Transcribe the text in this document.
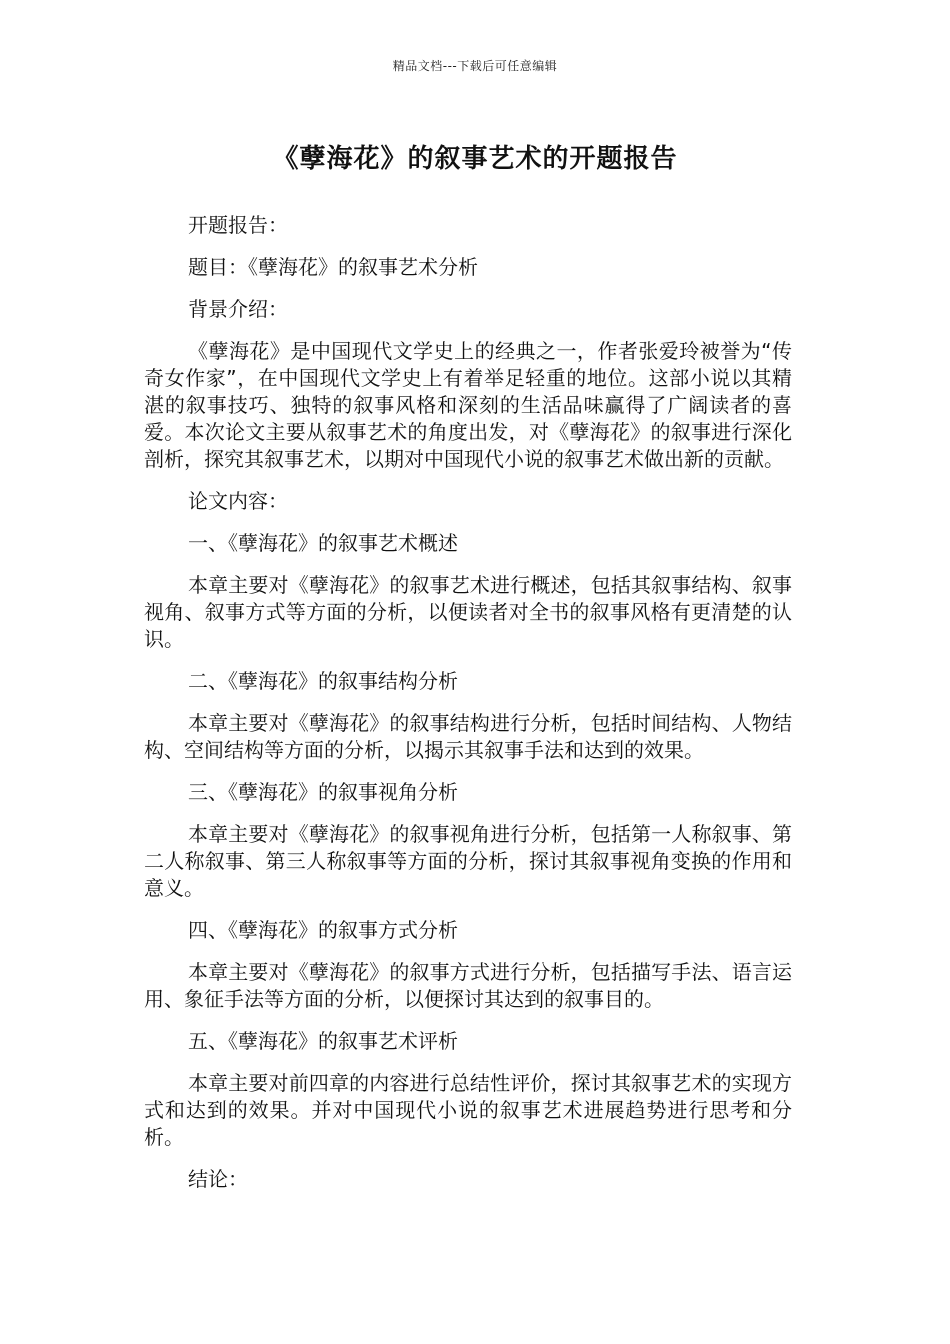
精品文档---下载后可任意编辑
《孽海花》的叙事艺术的开题报告

开题报告：

题目：《孽海花》的叙事艺术分析

背景介绍：

《孽海花》是中国现代文学史上的经典之一，作者张爱玲被誉为“传奇女作家”，在中国现代文学史上有着举足轻重的地位。这部小说以其精湛的叙事技巧、独特的叙事风格和深刻的生活品味赢得了广阔读者的喜爱。本次论文主要从叙事艺术的角度出发，对《孽海花》的叙事进行深化剖析，探究其叙事艺术，以期对中国现代小说的叙事艺术做出新的贡献。

论文内容：

一、《孽海花》的叙事艺术概述

本章主要对《孽海花》的叙事艺术进行概述，包括其叙事结构、叙事视角、叙事方式等方面的分析，以便读者对全书的叙事风格有更清楚的认识。

二、《孽海花》的叙事结构分析

本章主要对《孽海花》的叙事结构进行分析，包括时间结构、人物结构、空间结构等方面的分析，以揭示其叙事手法和达到的效果。

三、《孽海花》的叙事视角分析

本章主要对《孽海花》的叙事视角进行分析，包括第一人称叙事、第二人称叙事、第三人称叙事等方面的分析，探讨其叙事视角变换的作用和意义。

四、《孽海花》的叙事方式分析

本章主要对《孽海花》的叙事方式进行分析，包括描写手法、语言运用、象征手法等方面的分析，以便探讨其达到的叙事目的。

五、《孽海花》的叙事艺术评析

本章主要对前四章的内容进行总结性评价，探讨其叙事艺术的实现方式和达到的效果。并对中国现代小说的叙事艺术进展趋势进行思考和分析。

结论：
